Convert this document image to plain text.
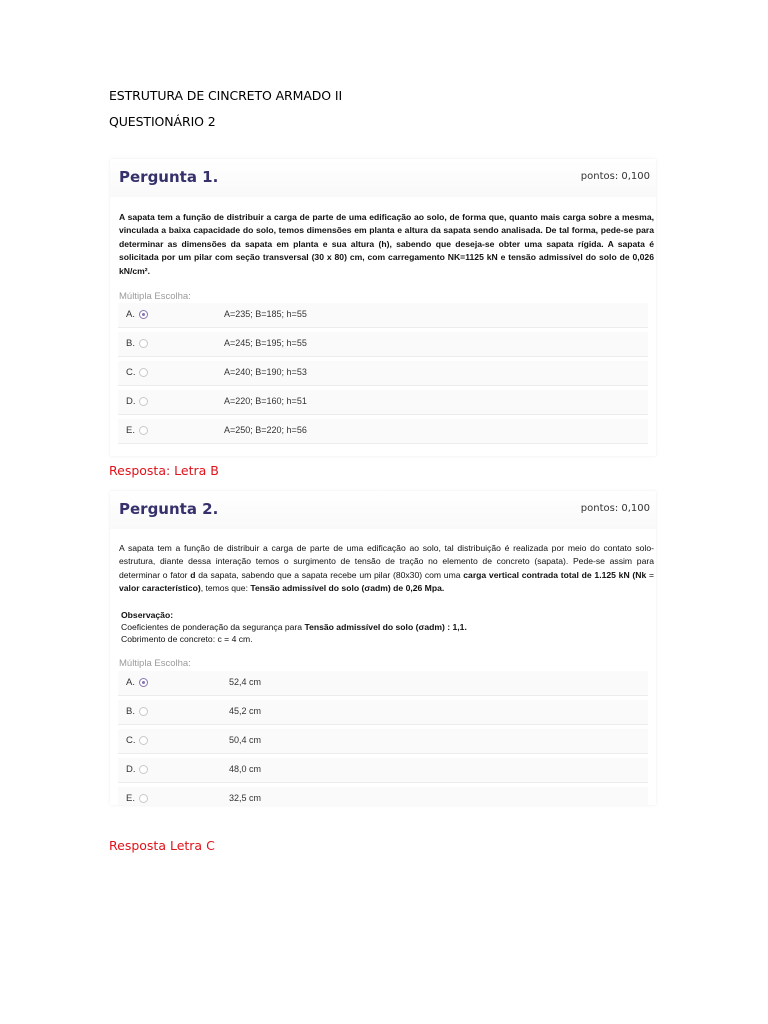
ESTRUTURA DE CINCRETO ARMADO II
QUESTIONÁRIO 2
Pergunta 1.	pontos: 0,100
A sapata tem a função de distribuir a carga de parte de uma edificação ao solo, de forma que, quanto mais carga sobre a mesma, vinculada a baixa capacidade do solo, temos dimensões em planta e altura da sapata sendo analisada. De tal forma, pede-se para determinar as dimensões da sapata em planta e sua altura (h), sabendo que deseja-se obter uma sapata rígida. A sapata é solicitada por um pilar com seção transversal (30 x 80) cm, com carregamento NK=1125 kN e tensão admissível do solo de 0,026 kN/cm².
Múltipla Escolha:
A.	A=235; B=185; h=55
B.	A=245; B=195; h=55
C.	A=240; B=190; h=53
D.	A=220; B=160; h=51
E.	A=250; B=220; h=56
Resposta: Letra B
Pergunta 2.	pontos: 0,100
A sapata tem a função de distribuir a carga de parte de uma edificação ao solo, tal distribuição é realizada por meio do contato solo-estrutura, diante dessa interação temos o surgimento de tensão de tração no elemento de concreto (sapata). Pede-se assim para determinar o fator d da sapata, sabendo que a sapata recebe um pilar (80x30) com uma carga vertical contrada total de 1.125 kN (Nk = valor característico), temos que: Tensão admissível do solo (σadm) de 0,26 Mpa.
Observação:
Coeficientes de ponderação da segurança para Tensão admissível do solo (σadm) : 1,1.
Cobrimento de concreto: c = 4 cm.
Múltipla Escolha:
A.	52,4 cm
B.	45,2 cm
C.	50,4 cm
D.	48,0 cm
E.	32,5 cm
Resposta Letra C
